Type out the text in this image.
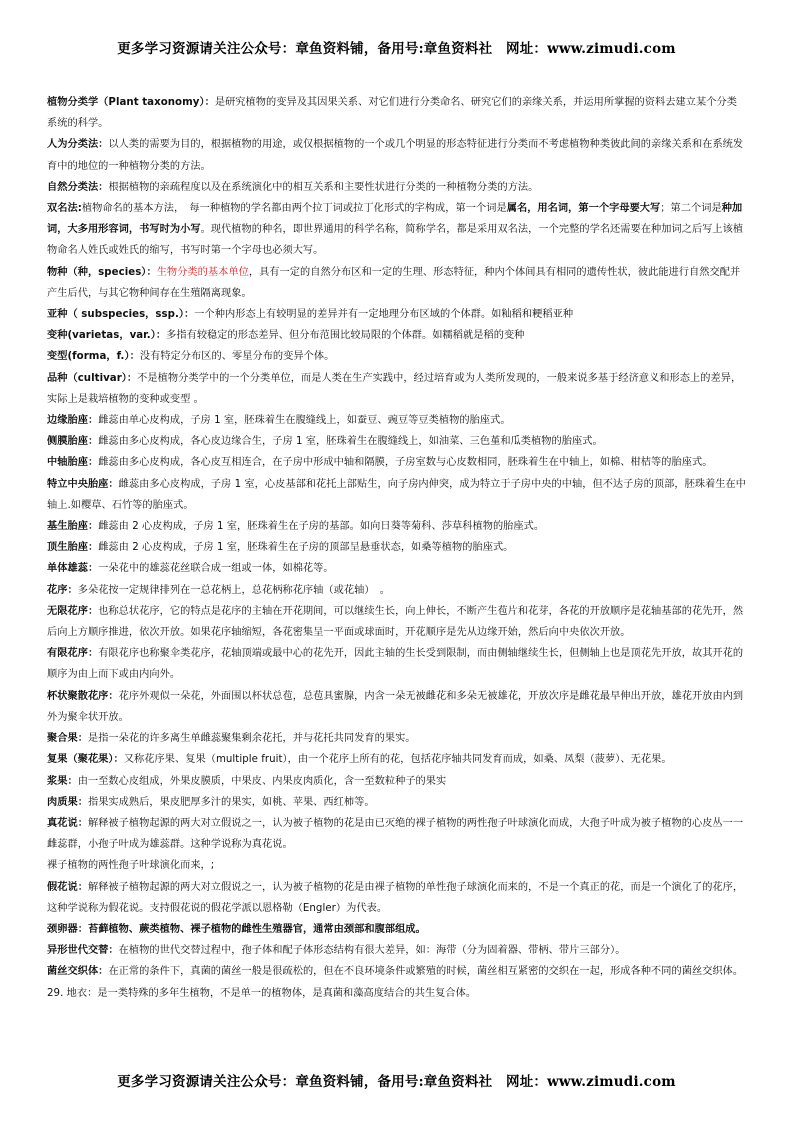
更多学习资源请关注公众号：章鱼资料铺，备用号:章鱼资料社　网址：www.zimudi.com

植物分类学（Plant taxonomy）：是研究植物的变异及其因果关系、对它们进行分类命名、研究它们的亲缘关系，并运用所掌握的资料去建立某个分类系统的科学。

人为分类法：以人类的需要为目的，根据植物的用途，或仅根据植物的一个或几个明显的形态特征进行分类而不考虑植物种类彼此间的亲缘关系和在系统发育中的地位的一种植物分类的方法。

自然分类法：根据植物的亲疏程度以及在系统演化中的相互关系和主要性状进行分类的一种植物分类的方法。

双名法:植物命名的基本方法，　每一种植物的学名都由两个拉丁词或拉丁化形式的字构成，第一个词是属名，用名词，第一个字母要大写；第二个词是种加词，大多用形容词，书写时为小写。现代植物的种名，即世界通用的科学名称，简称学名，都是采用双名法，一个完整的学名还需要在种加词之后写上该植物命名人姓氏或姓氏的缩写，书写时第一个字母也必须大写。

物种（种，species）：生物分类的基本单位，具有一定的自然分布区和一定的生理、形态特征，种内个体间具有相同的遗传性状，彼此能进行自然交配并产生后代，与其它物种间存在生殖隔离现象。

亚种（ subspecies，ssp.）：一个种内形态上有较明显的差异并有一定地理分布区域的个体群。如籼稻和粳稻亚种

变种(varietas，var.）：多指有较稳定的形态差异、但分布范围比较局限的个体群。如糯稻就是稻的变种

变型(forma，f.）：没有特定分布区的、零星分布的变异个体。

品种（cultivar）：不是植物分类学中的一个分类单位，而是人类在生产实践中，经过培育或为人类所发现的，一般来说多基于经济意义和形态上的差异，实际上是栽培植物的变种或变型 。

边缘胎座：雌蕊由单心皮构成，子房 1 室，胚珠着生在腹缝线上，如蚕豆、豌豆等豆类植物的胎座式。

侧膜胎座：雌蕊由多心皮构成，各心皮边缘合生，子房 1 室，胚珠着生在腹缝线上，如油菜、三色堇和瓜类植物的胎座式。

中轴胎座：雌蕊由多心皮构成，各心皮互相连合，在子房中形成中轴和隔膜，子房室数与心皮数相同，胚珠着生在中轴上，如棉、柑桔等的胎座式。

特立中央胎座：雌蕊由多心皮构成，子房 1 室，心皮基部和花托上部贴生，向子房内伸突，成为特立于子房中央的中轴，但不达子房的顶部，胚珠着生在中轴上.如樱草、石竹等的胎座式。

基生胎座：雌蕊由 2 心皮构成，子房 1 室，胚珠着生在子房的基部。如向日葵等菊科、莎草科植物的胎座式。

顶生胎座：雌蕊由 2 心皮构成，子房 1 室，胚珠着生在子房的顶部呈悬垂状态，如桑等植物的胎座式。

单体雄蕊：一朵花中的雄蕊花丝联合成一组或一体，如棉花等。

花序：多朵花按一定规律排列在一总花柄上，总花柄称花序轴（或花轴）　。

无限花序：也称总状花序，它的特点是花序的主轴在开花期间，可以继续生长，向上伸长，不断产生苞片和花芽，各花的开放顺序是花轴基部的花先开，然后向上方顺序推进，依次开放。如果花序轴缩短，各花密集呈一平面或球面时，开花顺序是先从边缘开始，然后向中央依次开放。

有限花序：有限花序也称聚伞类花序，花轴顶端或最中心的花先开，因此主轴的生长受到限制，而由侧轴继续生长，但侧轴上也是顶花先开放，故其开花的顺序为由上而下或由内向外。

杯状聚散花序：花序外观似一朵花，外面围以杯状总苞，总苞具蜜腺，内含一朵无被雌花和多朵无被雄花，开放次序是雌花最早伸出开放，雄花开放由内到外为聚伞状开放。

聚合果：是指一朵花的许多离生单雌蕊聚集剩余花托，并与花托共同发育的果实。

复果（聚花果）：又称花序果、复果（multiple fruit），由一个花序上所有的花，包括花序轴共同发育而成，如桑、凤梨（菠萝）、无花果。

浆果：由一至数心皮组成，外果皮膜质，中果皮、内果皮肉质化，含一至数粒种子的果实

肉质果：指果实成熟后，果皮肥厚多汁的果实，如桃、苹果、西红柿等。

真花说：解释被子植物起源的两大对立假说之一，认为被子植物的花是由已灭绝的裸子植物的两性孢子叶球演化而成，大孢子叶成为被子植物的心皮丛一一雌蕊群，小孢子叶成为雄蕊群。这种学说称为真花说。

裸子植物的两性孢子叶球演化而来，;

假花说：解释被子植物起源的两大对立假说之一，认为被子植物的花是由裸子植物的单性孢子球演化而来的，不是一个真正的花，而是一个演化了的花序，这种学说称为假花说。支持假花说的假花学派以恩格勒（Engler）为代表。

颈卵器：苔藓植物、蕨类植物、裸子植物的雌性生殖器官，通常由颈部和腹部组成。

异形世代交替：在植物的世代交替过程中，孢子体和配子体形态结构有很大差异，如：海带（分为固着器、带柄、带片三部分）。

菌丝交织体：在正常的条件下，真菌的菌丝一般是很疏松的，但在不良环境条件或繁殖的时候，菌丝相互紧密的交织在一起，形成各种不同的菌丝交织体。29. 地衣：是一类特殊的多年生植物，不是单一的植物体，是真菌和藻高度结合的共生复合体。

更多学习资源请关注公众号：章鱼资料铺，备用号:章鱼资料社　网址：www.zimudi.com
